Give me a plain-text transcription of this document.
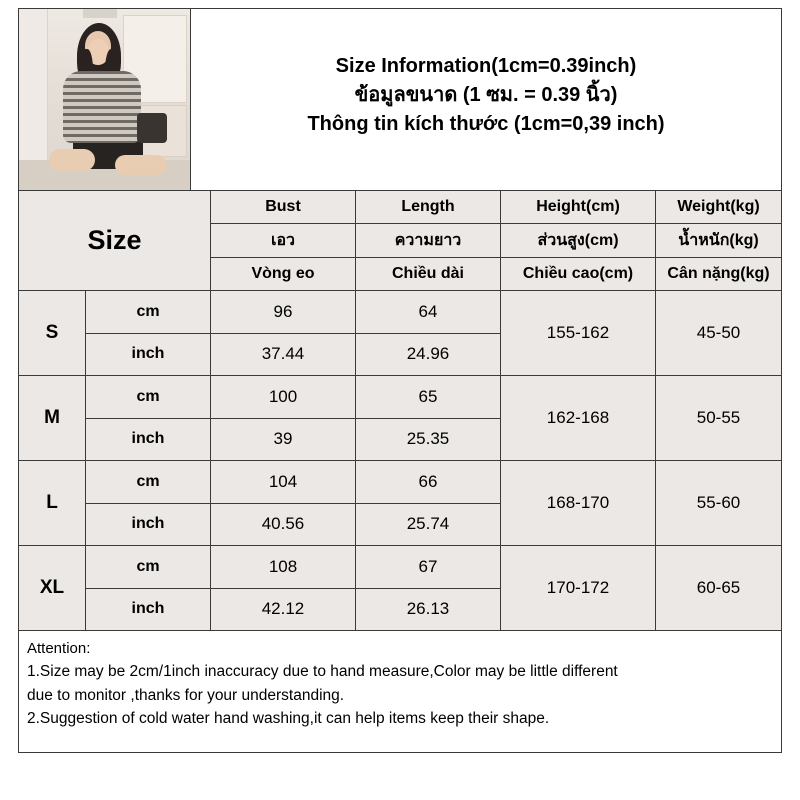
Size Information(1cm=0.39inch)
ข้อมูลขนาด (1 ซม. = 0.39 นิ้ว)
Thông tin kích thước (1cm=0,39 inch)
Size
Bust	Length	Height(cm)	Weight(kg)
เอว	ความยาว	ส่วนสูง(cm)	น้ำหนัก(kg)
Vòng eo	Chiều dài	Chiều cao(cm)	Cân nặng(kg)
S
cm	96	64
inch	37.44	24.96
155-162	45-50
M
cm	100	65
inch	39	25.35
162-168	50-55
L
cm	104	66
inch	40.56	25.74
168-170	55-60
XL
cm	108	67
inch	42.12	26.13
170-172	60-65
Attention:
1.Size may be 2cm/1inch inaccuracy due to hand measure,Color may be little different
due to monitor ,thanks for your understanding.
2.Suggestion of cold water hand washing,it can help items keep their shape.
